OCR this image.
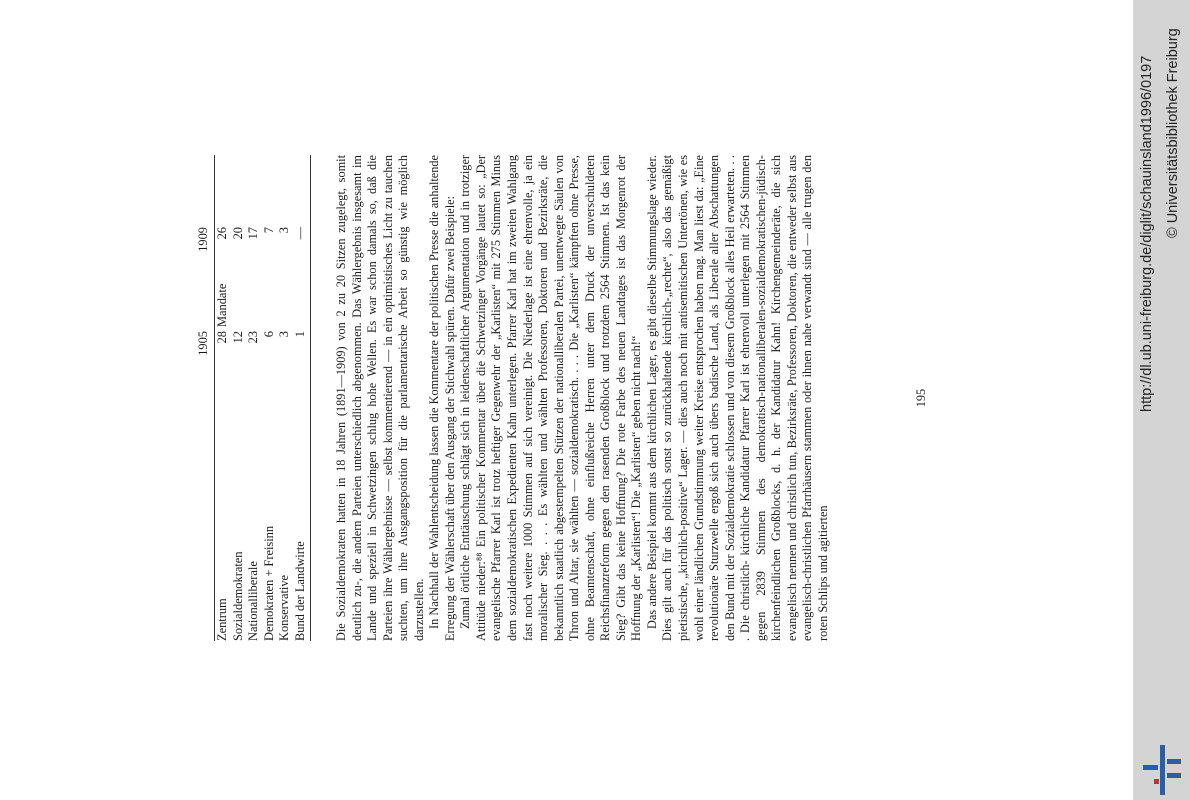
1905
1909
Zentrum
28
Mandate
26
Sozialdemokraten
12
20
Nationalliberale
23
17
Demokraten + Freisinn
6
7
Konservative
3
3
Bund der Landwirte
1
— Die Sozialdemokraten hatten in 18 Jahren (1891—1909) von 2 zu 20 Sitzen zugelegt, somit deutlich zu-, die andern Parteien unterschiedlich abgenommen. Das Wählergebnis insgesamt im Lande und speziell in Schwetzingen schlug hohe Wellen. Es war schon damals so, daß die Parteien ihre Wählergebnisse — selbst kommentierend — in ein optimistisches Licht zu tauchen suchten, um ihre Ausgangsposition für die parlamentarische Arbeit so günstig wie möglich darzustellen. In Nachhall der Wahlentscheidung lassen die Kommentare der politischen Presse die anhaltende Erregung der Wählerschaft über den Ausgang der Stichwahl spüren. Dafür zwei Beispiele: Zumal örtliche Enttäuschung schlägt sich in leidenschaftlicher Argumentation und in trotziger Attitüde nieder:⁸⁸ Ein politischer Kommentar über die Schwetzinger Vorgänge lautet so: „Der evangelische Pfarrer Karl ist trotz heftiger Gegenwehr der „Karlisten“ mit 275 Stimmen Minus dem sozialdemokratischen Expedienten Kahn unterlegen. Pfarrer Karl hat im zweiten Wahlgang fast noch weitere 1000 Stimmen auf sich vereinigt. Die Niederlage ist eine ehrenvolle, ja ein moralischer Sieg. . . . Es wählten und wählten Professoren, Doktoren und Bezirksräte, die bekanntlich staatlich abgestempelten Stützen der nationalliberalen Partei, unentwegte Säulen von Thron und Altar, sie wählten — sozialdemokratisch. . . . Die „Karlisten“ kämpften ohne Presse, ohne Beamtenschaft, ohne einflußreiche Herren unter dem Druck der unverschuldeten Reichsfinanzreform gegen den rasenden Großblock und trotzdem 2564 Stimmen. Ist das kein Sieg? Gibt das keine Hoffnung? Die rote Farbe des neuen Landtages ist das Morgenrot der Hoffnung der „Karlisten“! Die „Karlisten“ geben nicht nach!“ Das andere Beispiel kommt aus dem kirchlichen Lager, es gibt dieselbe Stimmungslage wieder. Dies gilt auch für das politisch sonst so zurückhaltende kirchlich-„rechte“, also das gemäßigt pietistische, „kirchlich-positive“ Lager. — dies auch noch mit antisemitischen Untertönen, wie es wohl einer ländlichen Grundstimmung weiter Kreise entsprochen haben mag. Man liest da: „Eine revolutionäre Sturzwelle ergoß sich auch übers badische Land, als Liberale aller Abschattungen den Bund mit der Sozialdemokratie schlossen und von diesem Großblock alles Heil erwarteten. . . . Die christlich- kirchliche Kandidatur Pfarrer Karl ist ehrenvoll unterlegen mit 2564 Stimmen gegen 2839 Stimmen des demokratisch-nationalliberalen-sozialdemokratischen-jüdisch-kirchenfeindlichen Großblocks, d. h. der Kandidatur Kahn! Kirchengemeinderäte, die sich evangelisch nennen und christlich tun, Bezirksräte, Professoren, Doktoren, die entweder selbst aus evangelisch-christlichen Pfarrhäusern stammen oder ihnen nahe verwandt sind — alle trugen den roten Schlips und agitierten

195	http://dl.ub.uni-freiburg.de/diglit/schauinsland1996/0197 © Universitätsbibliothek Freiburg
